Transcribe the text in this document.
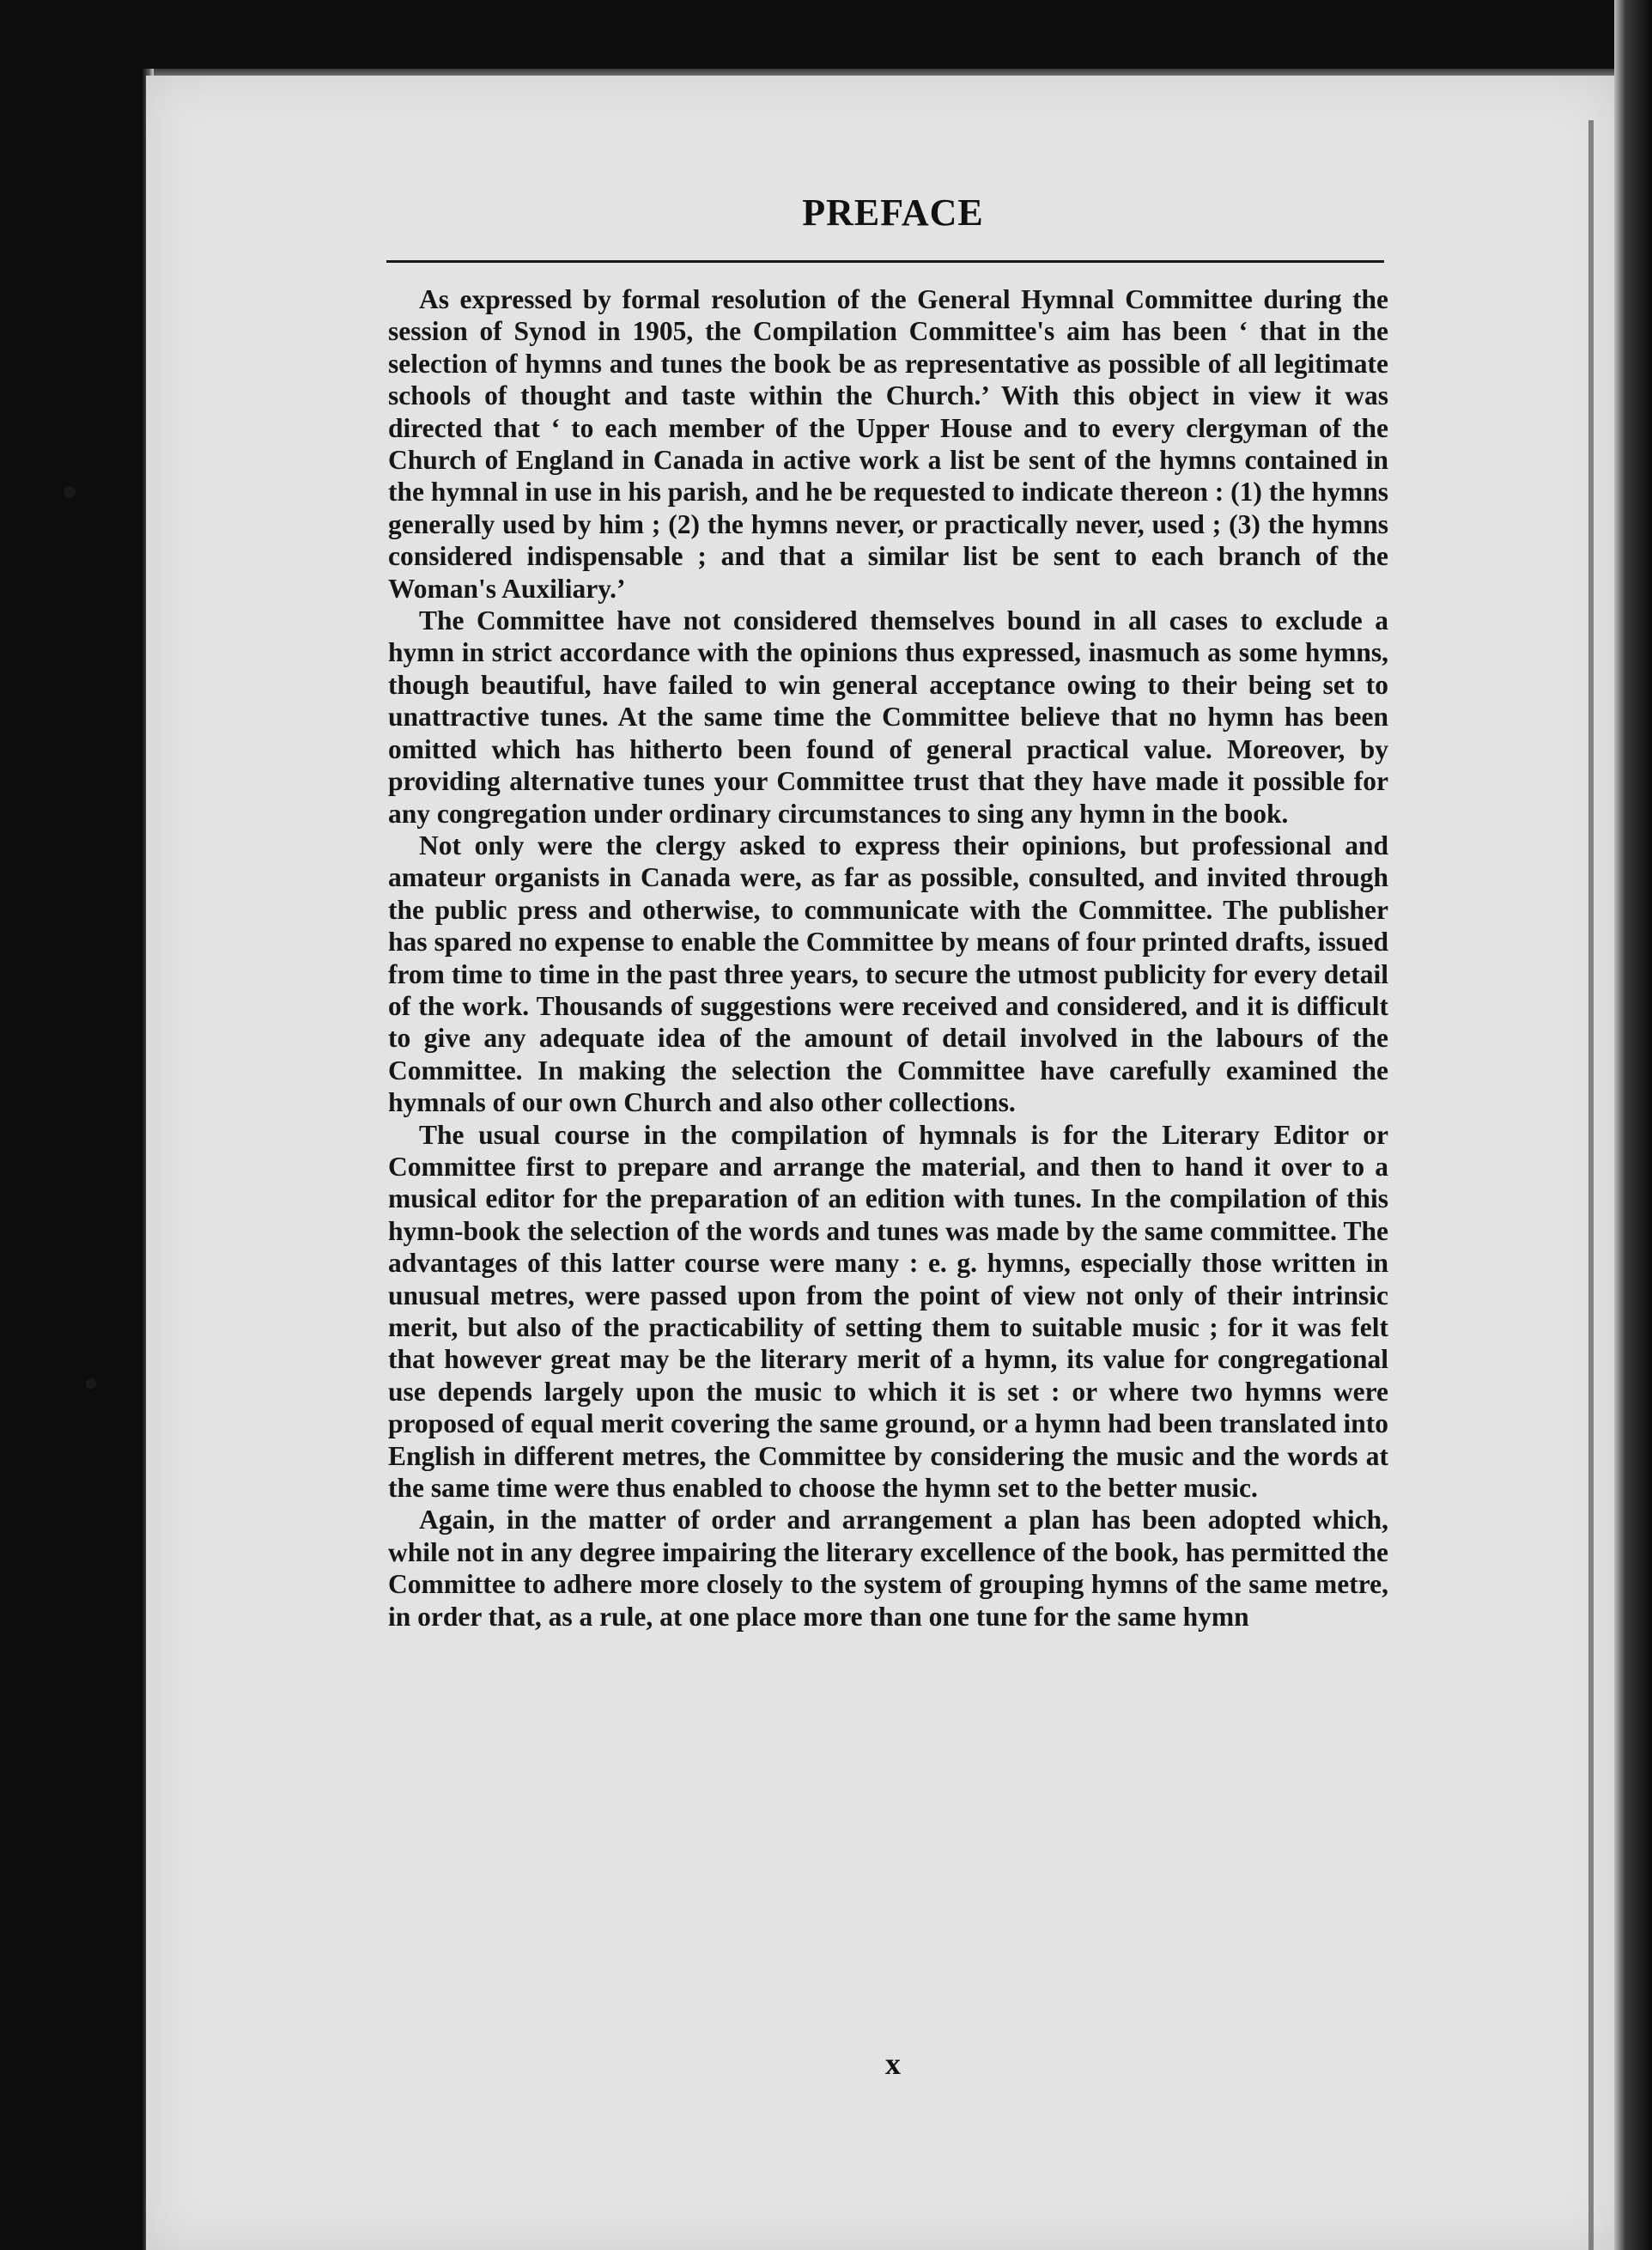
PREFACE

As expressed by formal resolution of the General Hymnal Committee during the session of Synod in 1905, the Compilation Committee's aim has been ‘ that in the selection of hymns and tunes the book be as representative as possible of all legitimate schools of thought and taste within the Church.’ With this object in view it was directed that ‘ to each member of the Upper House and to every clergyman of the Church of England in Canada in active work a list be sent of the hymns contained in the hymnal in use in his parish, and he be requested to indicate thereon : (1) the hymns generally used by him ; (2) the hymns never, or practically never, used ; (3) the hymns considered indispensable ; and that a similar list be sent to each branch of the Woman's Auxiliary.’

The Committee have not considered themselves bound in all cases to exclude a hymn in strict accordance with the opinions thus expressed, inasmuch as some hymns, though beautiful, have failed to win general acceptance owing to their being set to unattractive tunes. At the same time the Committee believe that no hymn has been omitted which has hitherto been found of general practical value. Moreover, by providing alternative tunes your Committee trust that they have made it possible for any congregation under ordinary circumstances to sing any hymn in the book.

Not only were the clergy asked to express their opinions, but professional and amateur organists in Canada were, as far as possible, consulted, and invited through the public press and otherwise, to communicate with the Committee. The publisher has spared no expense to enable the Committee by means of four printed drafts, issued from time to time in the past three years, to secure the utmost publicity for every detail of the work. Thousands of suggestions were received and considered, and it is difficult to give any adequate idea of the amount of detail involved in the labours of the Committee. In making the selection the Committee have carefully examined the hymnals of our own Church and also other collections.

The usual course in the compilation of hymnals is for the Literary Editor or Committee first to prepare and arrange the material, and then to hand it over to a musical editor for the preparation of an edition with tunes. In the compilation of this hymn-book the selection of the words and tunes was made by the same committee. The advantages of this latter course were many : e. g. hymns, especially those written in unusual metres, were passed upon from the point of view not only of their intrinsic merit, but also of the practicability of setting them to suitable music ; for it was felt that however great may be the literary merit of a hymn, its value for congregational use depends largely upon the music to which it is set : or where two hymns were proposed of equal merit covering the same ground, or a hymn had been translated into English in different metres, the Committee by considering the music and the words at the same time were thus enabled to choose the hymn set to the better music.

Again, in the matter of order and arrangement a plan has been adopted which, while not in any degree impairing the literary excellence of the book, has permitted the Committee to adhere more closely to the system of grouping hymns of the same metre, in order that, as a rule, at one place more than one tune for the same hymn

x
